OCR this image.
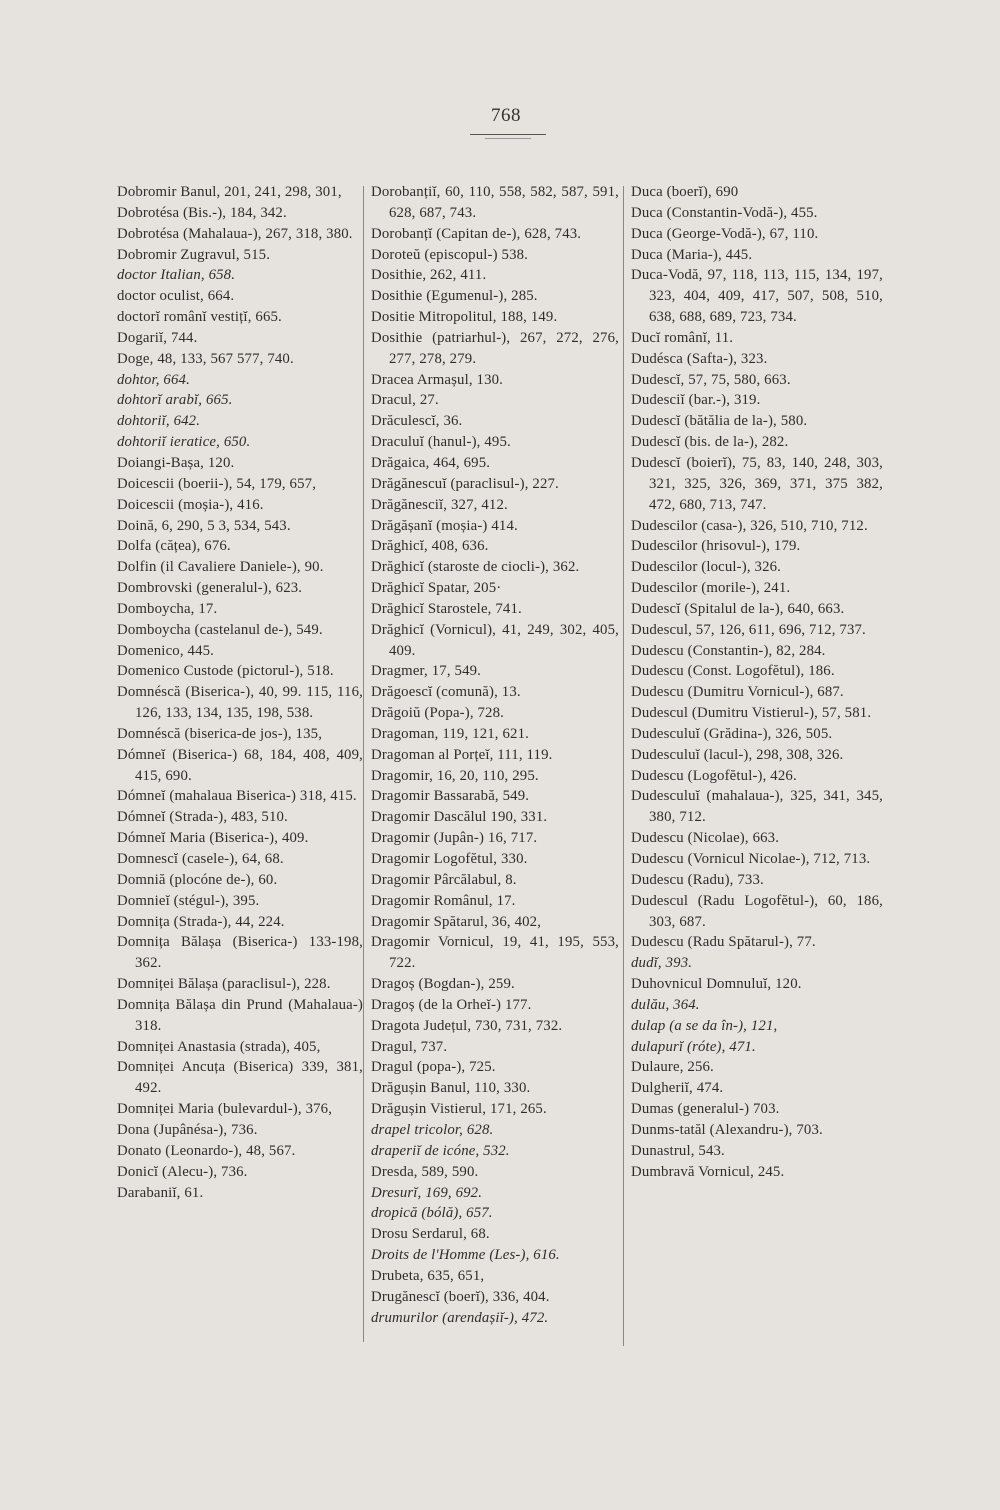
768
Dobromir Banul, 201, 241, 298, 301,
Dobrotésa (Bis.-), 184, 342.
Dobrotésa (Mahalaua-), 267, 318, 380.
Dobromir Zugravul, 515.
doctor Italian, 658.
doctor oculist, 664.
doctorĭ românĭ vestițĭ, 665.
Dogariĭ, 744.
Doge, 48, 133, 567 577, 740.
dohtor, 664.
dohtorĭ arabĭ, 665.
dohtoriĭ, 642.
dohtoriĭ ieratice, 650.
Doiangi-Bașa, 120.
Doicescii (boerii-), 54, 179, 657,
Doicescii (moșia-), 416.
Doină, 6, 290, 5 3, 534, 543.
Dolfa (cățea), 676.
Dolfin (il Cavaliere Daniele-), 90.
Dombrovski (generalul-), 623.
Domboycha, 17.
Domboycha (castelanul de-), 549.
Domenico, 445.
Domenico Custode (pictorul-), 518.
Domnéscă (Biserica-), 40, 99. 115, 116, 126, 133, 134, 135, 198, 538.
Domnéscă (biserica-de jos-), 135,
Dómneĭ (Biserica-) 68, 184, 408, 409, 415, 690.
Dómneĭ (mahalaua Biserica-) 318, 415.
Dómneĭ (Strada-), 483, 510.
Dómneĭ Maria (Biserica-), 409.
Domnescĭ (casele-), 64, 68.
Domniă (plocóne de-), 60.
Domnieĭ (stégul-), 395.
Domnița (Strada-), 44, 224.
Domnița Bălașa (Biserica-) 133-198, 362.
Domniței Bălașa (paraclisul-), 228.
Domnița Bălașa din Prund (Mahalaua-) 318.
Domniței Anastasia (strada), 405,
Domniței Ancuța (Biserica) 339, 381, 492.
Domniței Maria (bulevardul-), 376,
Dona (Jupânésa-), 736.
Donato (Leonardo-), 48, 567.
Donicĭ (Alecu-), 736.
Darabaniĭ, 61.
Dorobanțiĭ, 60, 110, 558, 582, 587, 591, 628, 687, 743.
Dorobanțĭ (Capitan de-), 628, 743.
Doroteŭ (episcopul-) 538.
Dosithie, 262, 411.
Dosithie (Egumenul-), 285.
Dositie Mitropolitul, 188, 149.
Dosithie (patriarhul-), 267, 272, 276, 277, 278, 279.
Dracea Armașul, 130.
Dracul, 27.
Drăculescĭ, 36.
Draculuĭ (hanul-), 495.
Drăgaica, 464, 695.
Drăgănescuĭ (paraclisul-), 227.
Drăgănesciĭ, 327, 412.
Drăgășanĭ (moșia-) 414.
Drăghicĭ, 408, 636.
Drăghicĭ (staroste de ciocli-), 362.
Drăghicĭ Spatar, 205·
Drăghicĭ Starostele, 741.
Drăghicĭ (Vornicul), 41, 249, 302, 405, 409.
Dragmer, 17, 549.
Drăgoescĭ (comună), 13.
Drăgoiŭ (Popa-), 728.
Dragoman, 119, 121, 621.
Dragoman al Porțeĭ, 111, 119.
Dragomir, 16, 20, 110, 295.
Dragomir Bassarabă, 549.
Dragomir Dascălul 190, 331.
Dragomir (Jupân-) 16, 717.
Dragomir Logofĕtul, 330.
Dragomir Pârcălabul, 8.
Dragomir Românul, 17.
Dragomir Spătarul, 36, 402,
Dragomir Vornicul, 19, 41, 195, 553, 722.
Dragoș (Bogdan-), 259.
Dragoș (de la Orheĭ-) 177.
Dragota Județul, 730, 731, 732.
Dragul, 737.
Dragul (popa-), 725.
Drăgușin Banul, 110, 330.
Drăgușin Vistierul, 171, 265.
drapel tricolor, 628.
draperiĭ de icóne, 532.
Dresda, 589, 590.
Dresurĭ, 169, 692.
dropică (bólă), 657.
Drosu Serdarul, 68.
Droits de l'Homme (Les-), 616.
Drubeta, 635, 651,
Drugănescĭ (boerĭ), 336, 404.
drumurilor (arendașiĭ-), 472.
Duca (boerĭ), 690
Duca (Constantin-Vodă-), 455.
Duca (George-Vodă-), 67, 110.
Duca (Maria-), 445.
Duca-Vodă, 97, 118, 113, 115, 134, 197, 323, 404, 409, 417, 507, 508, 510, 638, 688, 689, 723, 734.
Ducĭ românĭ, 11.
Dudésca (Safta-), 323.
Dudescĭ, 57, 75, 580, 663.
Dudesciĭ (bar.-), 319.
Dudescĭ (bătălia de la-), 580.
Dudescĭ (bis. de la-), 282.
Dudescĭ (boierĭ), 75, 83, 140, 248, 303, 321, 325, 326, 369, 371, 375 382, 472, 680, 713, 747.
Dudescilor (casa-), 326, 510, 710, 712.
Dudescilor (hrisovul-), 179.
Dudescilor (locul-), 326.
Dudescilor (morile-), 241.
Dudescĭ (Spitalul de la-), 640, 663.
Dudescul, 57, 126, 611, 696, 712, 737.
Dudescu (Constantin-), 82, 284.
Dudescu (Const. Logofĕtul), 186.
Dudescu (Dumitru Vornicul-), 687.
Dudescul (Dumitru Vistierul-), 57, 581.
Dudesculuĭ (Grădina-), 326, 505.
Dudesculuĭ (lacul-), 298, 308, 326.
Dudescu (Logofĕtul-), 426.
Dudesculuĭ (mahalaua-), 325, 341, 345, 380, 712.
Dudescu (Nicolae), 663.
Dudescu (Vornicul Nicolae-), 712, 713.
Dudescu (Radu), 733.
Dudescul (Radu Logofĕtul-), 60, 186, 303, 687.
Dudescu (Radu Spătarul-), 77.
dudĭ, 393.
Duhovnicul Domnuluĭ, 120.
dulău, 364.
dulap (a se da în-), 121,
dulapurĭ (róte), 471.
Dulaure, 256.
Dulgheriĭ, 474.
Dumas (generalul-) 703.
Dunms-tatăl (Alexandru-), 703.
Dunastrul, 543.
Dumbravă Vornicul, 245.
